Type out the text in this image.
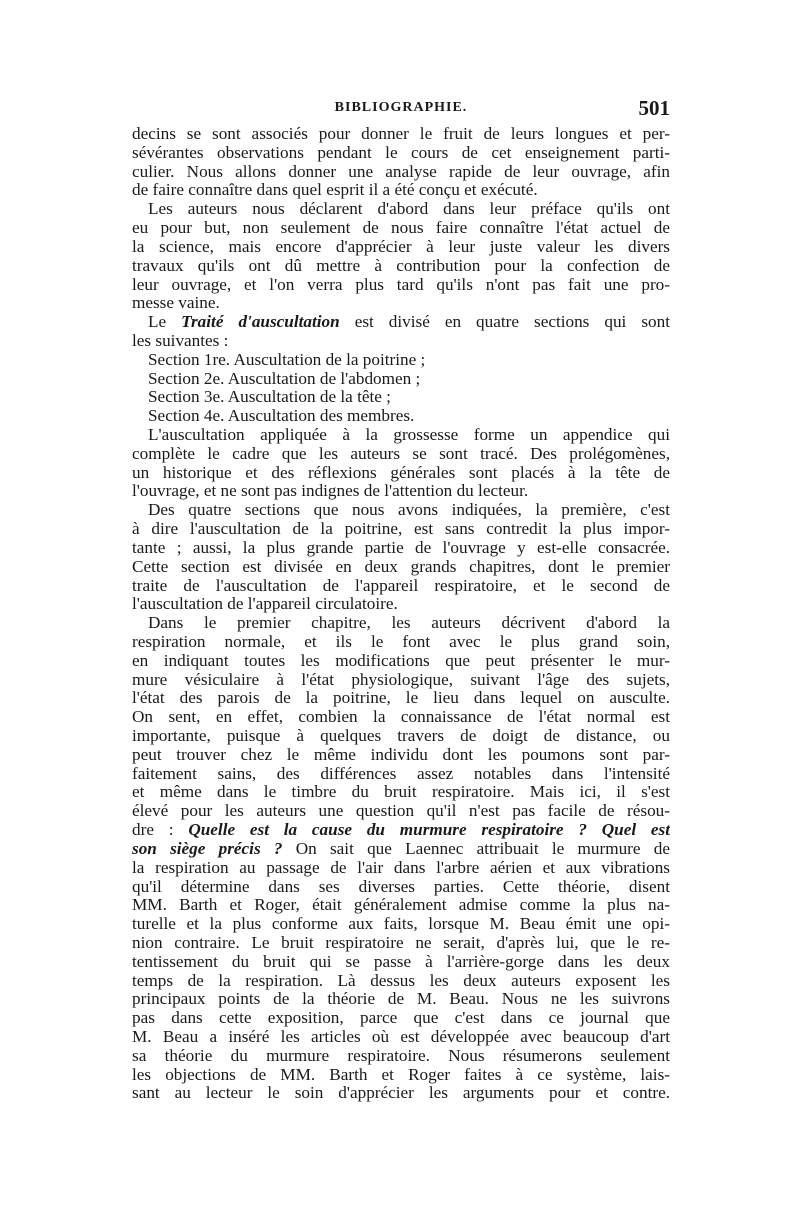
BIBLIOGRAPHIE.	501
decins se sont associés pour donner le fruit de leurs longues et per-
sévérantes observations pendant le cours de cet enseignement parti-
culier. Nous allons donner une analyse rapide de leur ouvrage, afin
de faire connaître dans quel esprit il a été conçu et exécuté.
Les auteurs nous déclarent d'abord dans leur préface qu'ils ont
eu pour but, non seulement de nous faire connaître l'état actuel de
la science, mais encore d'apprécier à leur juste valeur les divers
travaux qu'ils ont dû mettre à contribution pour la confection de
leur ouvrage, et l'on verra plus tard qu'ils n'ont pas fait une pro-
messe vaine.
Le Traité d'auscultation est divisé en quatre sections qui sont
les suivantes :
Section 1re. Auscultation de la poitrine ;
Section 2e. Auscultation de l'abdomen ;
Section 3e. Auscultation de la tête ;
Section 4e. Auscultation des membres.
L'auscultation appliquée à la grossesse forme un appendice qui
complète le cadre que les auteurs se sont tracé. Des prolégomènes,
un historique et des réflexions générales sont placés à la tête de
l'ouvrage, et ne sont pas indignes de l'attention du lecteur.
Des quatre sections que nous avons indiquées, la première, c'est
à dire l'auscultation de la poitrine, est sans contredit la plus impor-
tante ; aussi, la plus grande partie de l'ouvrage y est-elle consacrée.
Cette section est divisée en deux grands chapitres, dont le premier
traite de l'auscultation de l'appareil respiratoire, et le second de
l'auscultation de l'appareil circulatoire.
Dans le premier chapitre, les auteurs décrivent d'abord la
respiration normale, et ils le font avec le plus grand soin,
en indiquant toutes les modifications que peut présenter le mur-
mure vésiculaire à l'état physiologique, suivant l'âge des sujets,
l'état des parois de la poitrine, le lieu dans lequel on ausculte.
On sent, en effet, combien la connaissance de l'état normal est
importante, puisque à quelques travers de doigt de distance, ou
peut trouver chez le même individu dont les poumons sont par-
faitement sains, des différences assez notables dans l'intensité
et même dans le timbre du bruit respiratoire. Mais ici, il s'est
élevé pour les auteurs une question qu'il n'est pas facile de résou-
dre : Quelle est la cause du murmure respiratoire ? Quel est
son siège précis ? On sait que Laennec attribuait le murmure de
la respiration au passage de l'air dans l'arbre aérien et aux vibrations
qu'il détermine dans ses diverses parties. Cette théorie, disent
MM. Barth et Roger, était généralement admise comme la plus na-
turelle et la plus conforme aux faits, lorsque M. Beau émit une opi-
nion contraire. Le bruit respiratoire ne serait, d'après lui, que le re-
tentissement du bruit qui se passe à l'arrière-gorge dans les deux
temps de la respiration. Là dessus les deux auteurs exposent les
principaux points de la théorie de M. Beau. Nous ne les suivrons
pas dans cette exposition, parce que c'est dans ce journal que
M. Beau a inséré les articles où est développée avec beaucoup d'art
sa théorie du murmure respiratoire. Nous résumerons seulement
les objections de MM. Barth et Roger faites à ce système, lais-
sant au lecteur le soin d'apprécier les arguments pour et contre.
